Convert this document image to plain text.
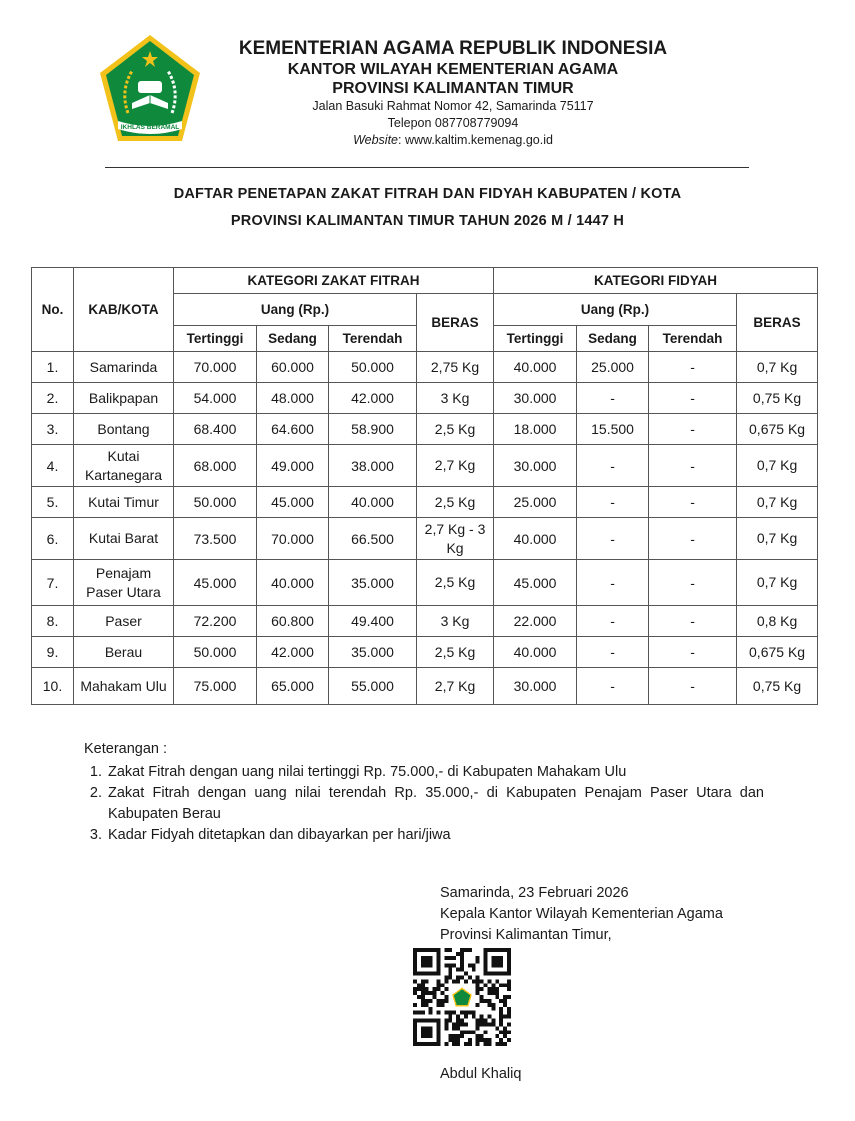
IKHLAS BERAMAL
KEMENTERIAN AGAMA REPUBLIK INDONESIA
KANTOR WILAYAH KEMENTERIAN AGAMA
PROVINSI KALIMANTAN TIMUR
Jalan Basuki Rahmat Nomor 42, Samarinda 75117
Telepon 087708779094
Website: www.kaltim.kemenag.go.id
DAFTAR PENETAPAN ZAKAT FITRAH DAN FIDYAH KABUPATEN / KOTA
PROVINSI KALIMANTAN TIMUR TAHUN 2026 M / 1447 H
No.	KAB/KOTA	KATEGORI ZAKAT FITRAH				KATEGORI FIDYAH			
		Uang (Rp.)			BERAS	Uang (Rp.)			BERAS
		Tertinggi	Sedang	Terendah		Tertinggi	Sedang	Terendah	
1.	Samarinda	70.000	60.000	50.000	2,75 Kg	40.000	25.000	-	0,7 Kg
2.	Balikpapan	54.000	48.000	42.000	3 Kg	30.000	-	-	0,75 Kg
3.	Bontang	68.400	64.600	58.900	2,5 Kg	18.000	15.500	-	0,675 Kg
4.	Kutai Kartanegara	68.000	49.000	38.000	2,7 Kg	30.000	-	-	0,7 Kg
5.	Kutai Timur	50.000	45.000	40.000	2,5 Kg	25.000	-	-	0,7 Kg
6.	Kutai Barat	73.500	70.000	66.500	2,7 Kg - 3 Kg	40.000	-	-	0,7 Kg
7.	Penajam Paser Utara	45.000	40.000	35.000	2,5 Kg	45.000	-	-	0,7 Kg
8.	Paser	72.200	60.800	49.400	3 Kg	22.000	-	-	0,8 Kg
9.	Berau	50.000	42.000	35.000	2,5 Kg	40.000	-	-	0,675 Kg
10.	Mahakam Ulu	75.000	65.000	55.000	2,7 Kg	30.000	-	-	0,75 Kg
Keterangan :
1. Zakat Fitrah dengan uang nilai tertinggi Rp. 75.000,- di Kabupaten Mahakam Ulu
2. Zakat Fitrah dengan uang nilai terendah Rp. 35.000,- di Kabupaten Penajam Paser Utara dan Kabupaten Berau
3. Kadar Fidyah ditetapkan dan dibayarkan per hari/jiwa
Samarinda, 23 Februari 2026
Kepala Kantor Wilayah Kementerian Agama
Provinsi Kalimantan Timur,
Abdul Khaliq
